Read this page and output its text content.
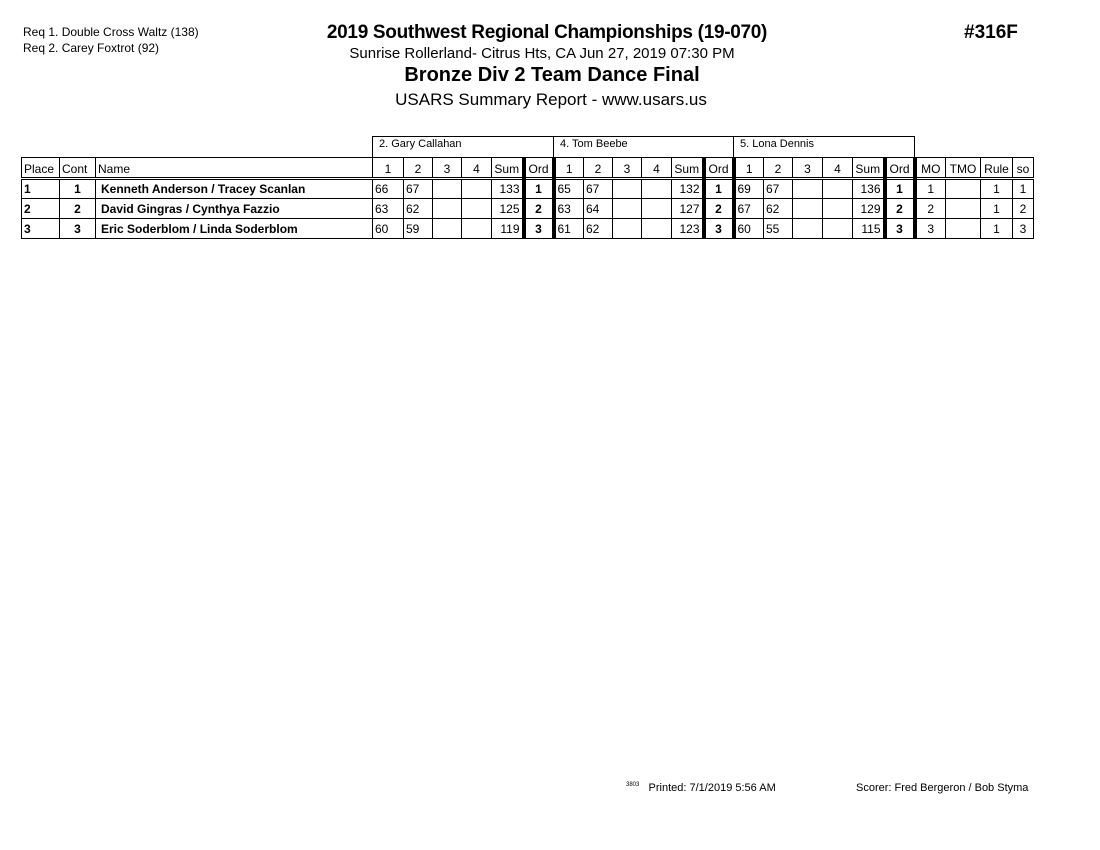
Req 1. Double Cross Waltz (138)
Req 2. Carey Foxtrot (92)
2019 Southwest Regional Championships (19-070)
Sunrise Rollerland- Citrus Hts, CA Jun 27, 2019 07:30 PM
Bronze Div 2 Team Dance Final
USARS Summary Report - www.usars.us
#316F
			2. Gary Callahan						4. Tom Beebe						5. Lona Dennis									
Place	Cont	Name	1	2	3	4	Sum	Ord	1	2	3	4	Sum	Ord	1	2	3	4	Sum	Ord	MO	TMO	Rule	so
1	1	Kenneth Anderson / Tracey Scanlan	66	67			133	1	65	67			132	1	69	67			136	1	1		1	1
2	2	David Gingras / Cynthya Fazzio	63	62			125	2	63	64			127	2	67	62			129	2	2		1	2
3	3	Eric Soderblom / Linda Soderblom	60	59			119	3	61	62			123	3	60	55			115	3	3		1	3
$^{3803}$ Printed: 7/1/2019 5:56 AM	Scorer: Fred Bergeron / Bob Styma
